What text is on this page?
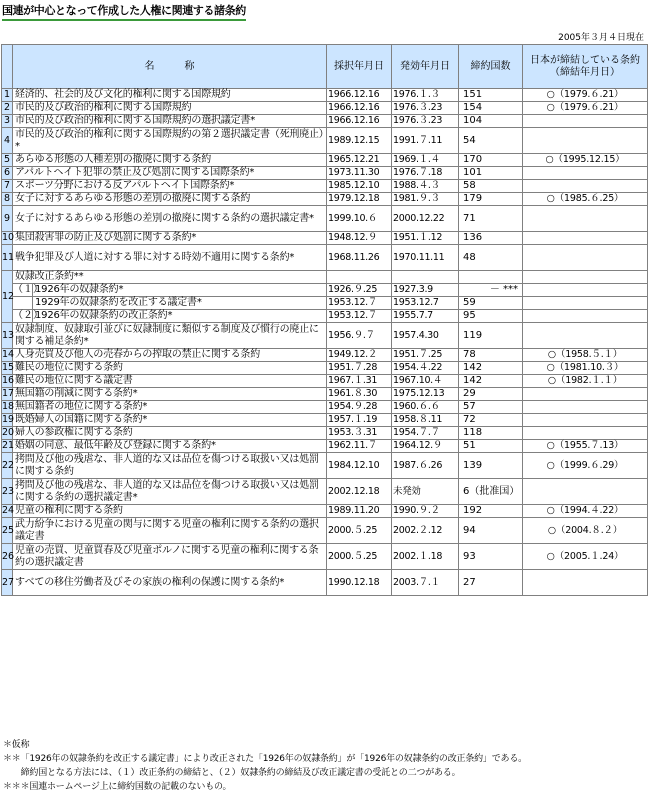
国連が中心となって作成した人権に関連する諸条約
2005年３月４日現在
	名　　　称		採択年月日	発効年月日	締約国数	日本が締結している条約（締結年月日）
1	経済的、社会的及び文化的権利に関する国際規約		1966.12.16	1976.１.３	151	○（1979.６.21）
2	市民的及び政治的権利に関する国際規約		1966.12.16	1976.３.23	154	○（1979.６.21）
3	市民的及び政治的権利に関する国際規約の選択議定書*		1966.12.16	1976.３.23	104	
4	市民的及び政治的権利に関する国際規約の第２選択議定書（死刑廃止）*		1989.12.15	1991.７.11	54	
5	あらゆる形態の人種差別の撤廃に関する条約		1965.12.21	1969.１.４	170	○（1995.12.15）
6	アパルトヘイト犯罪の禁止及び処罰に関する国際条約*		1973.11.30	1976.７.18	101	
7	スポーツ分野における反アパルトヘイト国際条約*		1985.12.10	1988.４.３	58	
8	女子に対するあらゆる形態の差別の撤廃に関する条約		1979.12.18	1981.９.３	179	○（1985.６.25）
9	女子に対するあらゆる形態の差別の撤廃に関する条約の選択議定書*		1999.10.６	2000.12.22	71	
10	集団殺害罪の防止及び処罰に関する条約*		1948.12.９	1951.１.12	136	
11	戦争犯罪及び人道に対する罪に対する時効不適用に関する条約*		1968.11.26	1970.11.11	48	
12	奴隷改正条約**					
	（１）	1926年の奴隷条約*	1926.９.25	1927.3.9	－ ***	
		1929年の奴隷条約を改正する議定書*	1953.12.７	1953.12.7	59	
	（２）	1926年の奴隷条約の改正条約*	1953.12.７	1955.7.7	95	
13	奴隷制度、奴隷取引並びに奴隷制度に類似する制度及び慣行の廃止に関する補足条約*		1956.９.７	1957.4.30	119	
14	人身売買及び他人の売春からの搾取の禁止に関する条約		1949.12.２	1951.７.25	78	○（1958.５.１）
15	難民の地位に関する条約		1951.７.28	1954.４.22	142	○（1981.10.３）
16	難民の地位に関する議定書		1967.１.31	1967.10.４	142	○（1982.１.１）
17	無国籍の削減に関する条約*		1961.８.30	1975.12.13	29	
18	無国籍者の地位に関する条約*		1954.９.28	1960.６.６	57	
19	既婚婦人の国籍に関する条約*		1957.１.19	1958.８.11	72	
20	婦人の参政権に関する条約		1953.３.31	1954.７.７	118	
21	婚姻の同意、最低年齢及び登録に関する条約*		1962.11.７	1964.12.９	51	○（1955.７.13）
22	拷問及び他の残虐な、非人道的な又は品位を傷つける取扱い又は処罰に関する条約		1984.12.10	1987.６.26	139	○（1999.６.29）
23	拷問及び他の残虐な、非人道的な又は品位を傷つける取扱い又は処罰に関する条約の選択議定書*		2002.12.18	未発効	6（批准国）	
24	児童の権利に関する条約		1989.11.20	1990.９.２	192	○（1994.４.22）
25	武力紛争における児童の関与に関する児童の権利に関する条約の選択議定書		2000.５.25	2002.２.12	94	○（2004.８.２）
26	児童の売買、児童買春及び児童ポルノに関する児童の権利に関する条約の選択議定書		2000.５.25	2002.１.18	93	○（2005.１.24）
27	すべての移住労働者及びその家族の権利の保護に関する条約*		1990.12.18	2003.７.１	27	
＊仮称
＊＊「1926年の奴隷条約を改正する議定書」により改正された「1926年の奴隷条約」が「1926年の奴隷条約の改正条約」である。
　　締約国となる方法には、（１）改正条約の締結と、（２）奴隷条約の締結及び改正議定書の受託との二つがある。
＊＊＊国連ホームページ上に締約国数の記載のないもの。
